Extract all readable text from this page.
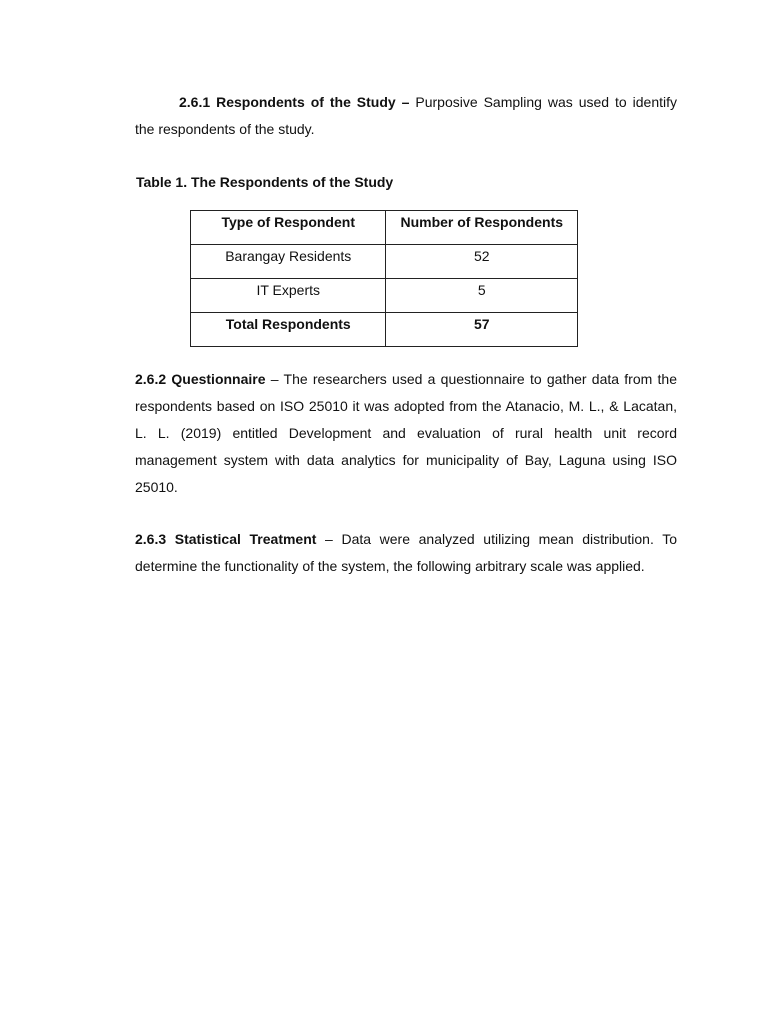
2.6.1 Respondents of the Study – Purposive Sampling was used to identify the respondents of the study.

Table 1. The Respondents of the Study

Type of Respondent	Number of Respondents
Barangay Residents	52
IT Experts	5
Total Respondents	57

2.6.2 Questionnaire – The researchers used a questionnaire to gather data from the respondents based on ISO 25010 it was adopted from the Atanacio, M. L., & Lacatan, L. L. (2019) entitled Development and evaluation of rural health unit record management system with data analytics for municipality of Bay, Laguna using ISO 25010.

2.6.3 Statistical Treatment – Data were analyzed utilizing mean distribution. To determine the functionality of the system, the following arbitrary scale was applied.
